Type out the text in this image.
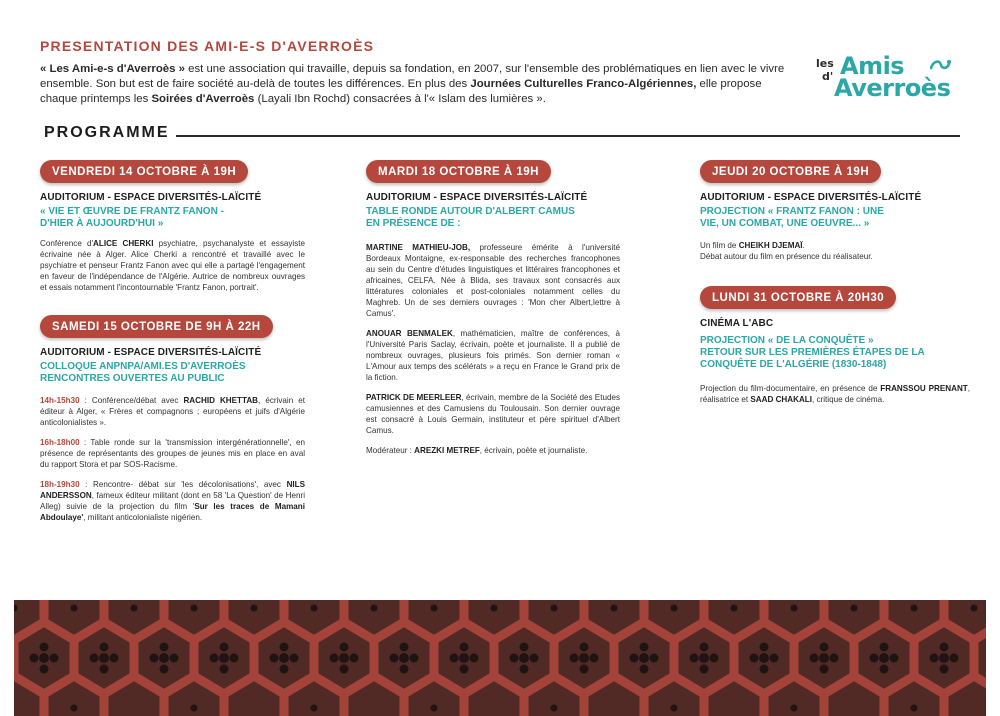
PRESENTATION DES AMI-E-S D'AVERROÈS
« Les Ami-e-s d'Averroès » est une association qui travaille, depuis sa fondation, en 2007, sur l'ensemble des problématiques en lien avec le vivre ensemble. Son but est de faire société au-delà de toutes les différences. En plus des Journées Culturelles Franco-Algériennes, elle propose chaque printemps les Soirées d'Averroès (Layali Ibn Rochd) consacrées à l'« Islam des lumières ».
les
d' Amis
Averroès
PROGRAMME
VENDREDI 14 OCTOBRE À 19H
AUDITORIUM - ESPACE DIVERSITÉS-LAÏCITÉ
« VIE ET ŒUVRE DE FRANTZ FANON - D'HIER À AUJOURD'HUI »
Conférence d'ALICE CHERKI psychiatre, psychanalyste et essayiste écrivaine née à Alger. Alice Cherki a rencontré et travaillé avec le psychiatre et penseur Frantz Fanon avec qui elle a partagé l'engagement en faveur de l'indépendance de l'Algérie. Autrice de nombreux ouvrages et essais notamment l'incontournable 'Frantz Fanon, portrait'.
SAMEDI 15 OCTOBRE DE 9H À 22H
AUDITORIUM - ESPACE DIVERSITÉS-LAÏCITÉ
COLLOQUE ANPNPA/AMI.ES D'AVERROÈS RENCONTRES OUVERTES AU PUBLIC
14h-15h30 : Conférence/débat avec RACHID KHETTAB, écrivain et éditeur à Alger, « Frères et compagnons ; européens et juifs d'Algérie anticolonialistes ».
16h-18h00 : Table ronde sur la 'transmission intergénérationnelle', en présence de représentants des groupes de jeunes mis en place en aval du rapport Stora et par SOS-Racisme.
18h-19h30 : Rencontre- débat sur 'les décolonisations', avec NILS ANDERSSON, fameux éditeur militant (dont en 58 'La Question' de Henri Alleg) suivie de la projection du film 'Sur les traces de Mamani Abdoulaye', militant anticolonialiste nigérien.
MARDI 18 OCTOBRE À 19H
AUDITORIUM - ESPACE DIVERSITÉS-LAÏCITÉ
TABLE RONDE AUTOUR D'ALBERT CAMUS EN PRÉSENCE DE :
MARTINE MATHIEU-JOB, professeure émérite à l'université Bordeaux Montaigne, ex-responsable des recherches francophones au sein du Centre d'études linguistiques et littéraires francophones et africaines, CELFA. Née à Blida, ses travaux sont consacrés aux littératures coloniales et post-coloniales notamment celles du Maghreb. Un de ses derniers ouvrages : 'Mon cher Albert,lettre à Camus'.
ANOUAR BENMALEK, mathématicien, maître de conférences, à l'Université Paris Saclay, écrivain, poète et journaliste. Il a publié de nombreux ouvrages, plusieurs fois primés. Son dernier roman « L'Amour aux temps des scélérats » a reçu en France le Grand prix de la fiction.
PATRICK DE MEERLEER, écrivain, membre de la Société des Etudes camusiennes et des Camusiens du Toulousain. Son dernier ouvrage est consacré à Louis Germain, instituteur et père spirituel d'Albert Camus.
Modérateur : AREZKI METREF, écrivain, poète et journaliste.
JEUDI 20 OCTOBRE À 19H
AUDITORIUM - ESPACE DIVERSITÉS-LAÏCITÉ
PROJECTION « FRANTZ FANON : UNE VIE, UN COMBAT, UNE OEUVRE... »
Un film de CHEIKH DJEMAÏ.
Débat autour du film en présence du réalisateur.
LUNDI 31 OCTOBRE À 20H30
CINÉMA L'ABC
PROJECTION « DE LA CONQUÊTE »
RETOUR SUR LES PREMIÈRES ÉTAPES DE LA CONQUÊTE DE L'ALGÉRIE (1830-1848)
Projection du film-documentaire, en présence de FRANSSOU PRENANT, réalisatrice et SAAD CHAKALI, critique de cinéma.
